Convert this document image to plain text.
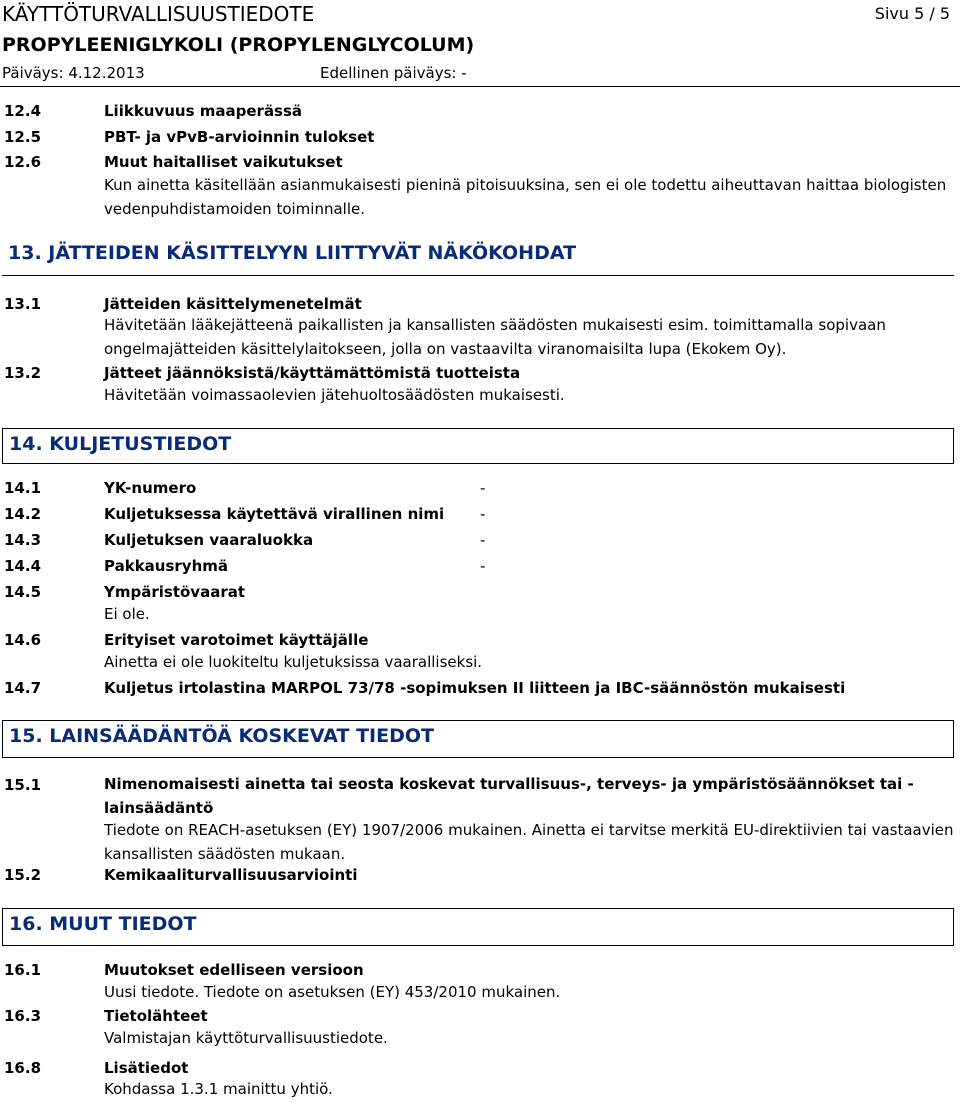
KÄYTTÖTURVALLISUUSTIEDOTE	Sivu 5 / 5
PROPYLEENIGLYKOLI (PROPYLENGLYCOLUM)
Päiväys: 4.12.2013	Edellinen päiväys: -
12.4	Liikkuvuus maaperässä
12.5	PBT- ja vPvB-arvioinnin tulokset
12.6	Muut haitalliset vaikutukset
Kun ainetta käsitellään asianmukaisesti pieninä pitoisuuksina, sen ei ole todettu aiheuttavan haittaa biologisten vedenpuhdistamoiden toiminnalle.
13. JÄTTEIDEN KÄSITTELYYN LIITTYVÄT NÄKÖKOHDAT
13.1	Jätteiden käsittelymenetelmät
Hävitetään lääkejätteenä paikallisten ja kansallisten säädösten mukaisesti esim. toimittamalla sopivaan ongelmajätteiden käsittelylaitokseen, jolla on vastaavilta viranomaisilta lupa (Ekokem Oy).
13.2	Jätteet jäännöksistä/käyttämättömistä tuotteista
Hävitetään voimassaolevien jätehuoltosäädösten mukaisesti.
14. KULJETUSTIEDOT
14.1	YK-numero	-
14.2	Kuljetuksessa käytettävä virallinen nimi -
14.3	Kuljetuksen vaaraluokka	-
14.4	Pakkausryhmä	-
14.5	Ympäristövaarat
Ei ole.
14.6	Erityiset varotoimet käyttäjälle
Ainetta ei ole luokiteltu kuljetuksissa vaaralliseksi.
14.7	Kuljetus irtolastina MARPOL 73/78 -sopimuksen II liitteen ja IBC-säännöstön mukaisesti
15. LAINSÄÄDÄNTÖÄ KOSKEVAT TIEDOT
15.1	Nimenomaisesti ainetta tai seosta koskevat turvallisuus-, terveys- ja ympäristösäännökset tai - lainsäädäntö
Tiedote on REACH-asetuksen (EY) 1907/2006 mukainen. Ainetta ei tarvitse merkitä EU-direktiivien tai vastaavien kansallisten säädösten mukaan.
15.2	Kemikaaliturvallisuusarviointi
16. MUUT TIEDOT
16.1	Muutokset edelliseen versioon
Uusi tiedote. Tiedote on asetuksen (EY) 453/2010 mukainen.
16.3	Tietolähteet
Valmistajan käyttöturvallisuustiedote.
16.8	Lisätiedot
Kohdassa 1.3.1 mainittu yhtiö.
